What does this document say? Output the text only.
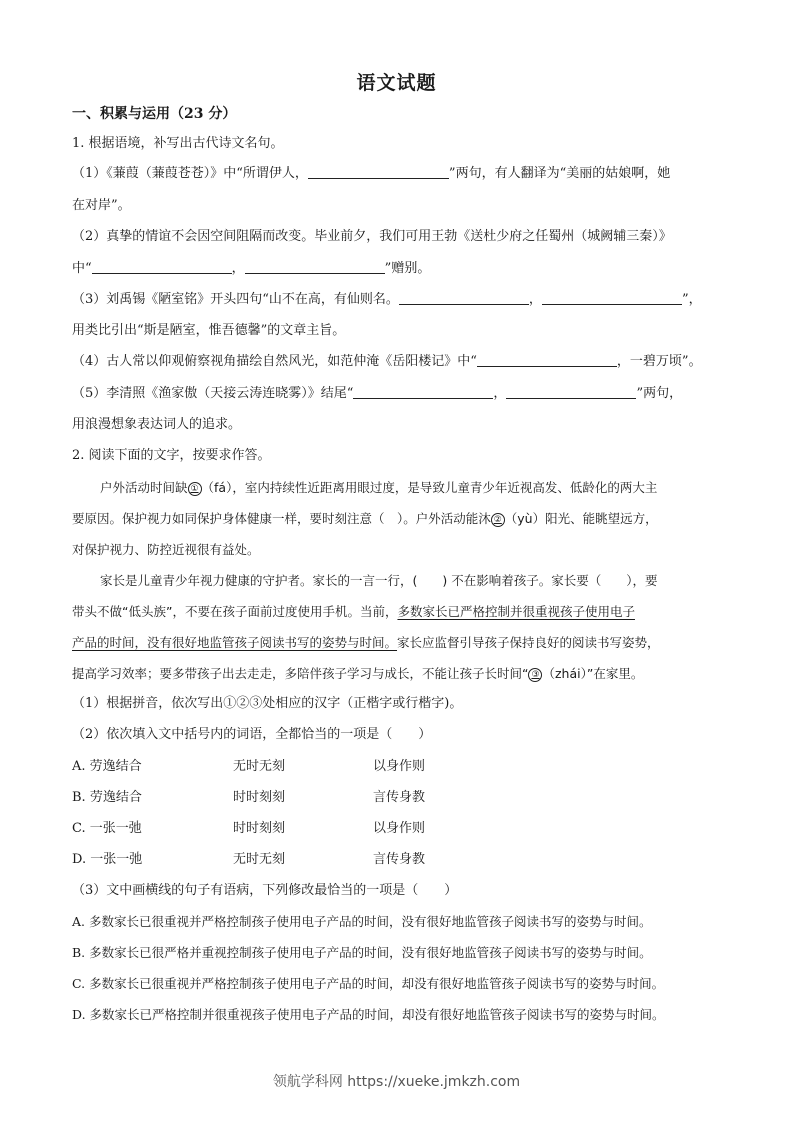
语文试题
一、积累与运用（23 分）
1. 根据语境，补写出古代诗文名句。
（1）《蒹葭（蒹葭苍苍）》中“所谓伊人，	”两句，有人翻译为“美丽的姑娘啊，她
在对岸”。
（2）真挚的情谊不会因空间阻隔而改变。毕业前夕，我们可用王勃《送杜少府之任蜀州（城阙辅三秦）》
中“	，	”赠别。
（3）刘禹锡《陋室铭》开头四句“山不在高，有仙则名。	，	”，
用类比引出“斯是陋室，惟吾德馨”的文章主旨。
（4）古人常以仰观俯察视角描绘自然风光，如范仲淹《岳阳楼记》中“	，一碧万顷”。
（5）李清照《渔家傲（天接云涛连晓雾）》结尾“	，	”两句，
用浪漫想象表达词人的追求。
2. 阅读下面的文字，按要求作答。
户外活动时间缺 ① （fá），室内持续性近距离用眼过度，是导致儿童青少年近视高发、低龄化的两大主
要原因。保护视力如同保护身体健康一样，要时刻注意（　）。户外活动能沐 ② （yù）阳光、能眺望远方，
对保护视力、防控近视很有益处。
家长是儿童青少年视力健康的守护者。家长的一言一行，(　　) 不在影响着孩子。家长要（　　），要
带头不做“低头族”，不要在孩子面前过度使用手机。当前，多数家长已严格控制并很重视孩子使用电子
产品的时间，没有很好地监管孩子阅读书写的姿势与时间。家长应监督引导孩子保持良好的阅读书写姿势，
提高学习效率；要多带孩子出去走走，多陪伴孩子学习与成长，不能让孩子长时间“ ③ （zhái）”在家里。
（1）根据拼音，依次写出①②③处相应的汉字（正楷字或行楷字)。
（2）依次填入文中括号内的词语，全都恰当的一项是（　　）
A. 劳逸结合	无时无刻	以身作则
B. 劳逸结合	时时刻刻	言传身教
C. 一张一弛	时时刻刻	以身作则
D. 一张一弛	无时无刻	言传身教
（3）文中画横线的句子有语病，下列修改最恰当的一项是（　　）
A. 多数家长已很重视并严格控制孩子使用电子产品的时间，没有很好地监管孩子阅读书写的姿势与时间。
B. 多数家长已很严格并重视控制孩子使用电子产品的时间，没有很好地监管孩子阅读书写的姿势与时间。
C. 多数家长已很重视并严格控制孩子使用电子产品的时间，却没有很好地监管孩子阅读书写的姿势与时间。
D. 多数家长已严格控制并很重视孩子使用电子产品的时间，却没有很好地监管孩子阅读书写的姿势与时间。
领航学科网 https://xueke.jmkzh.com
